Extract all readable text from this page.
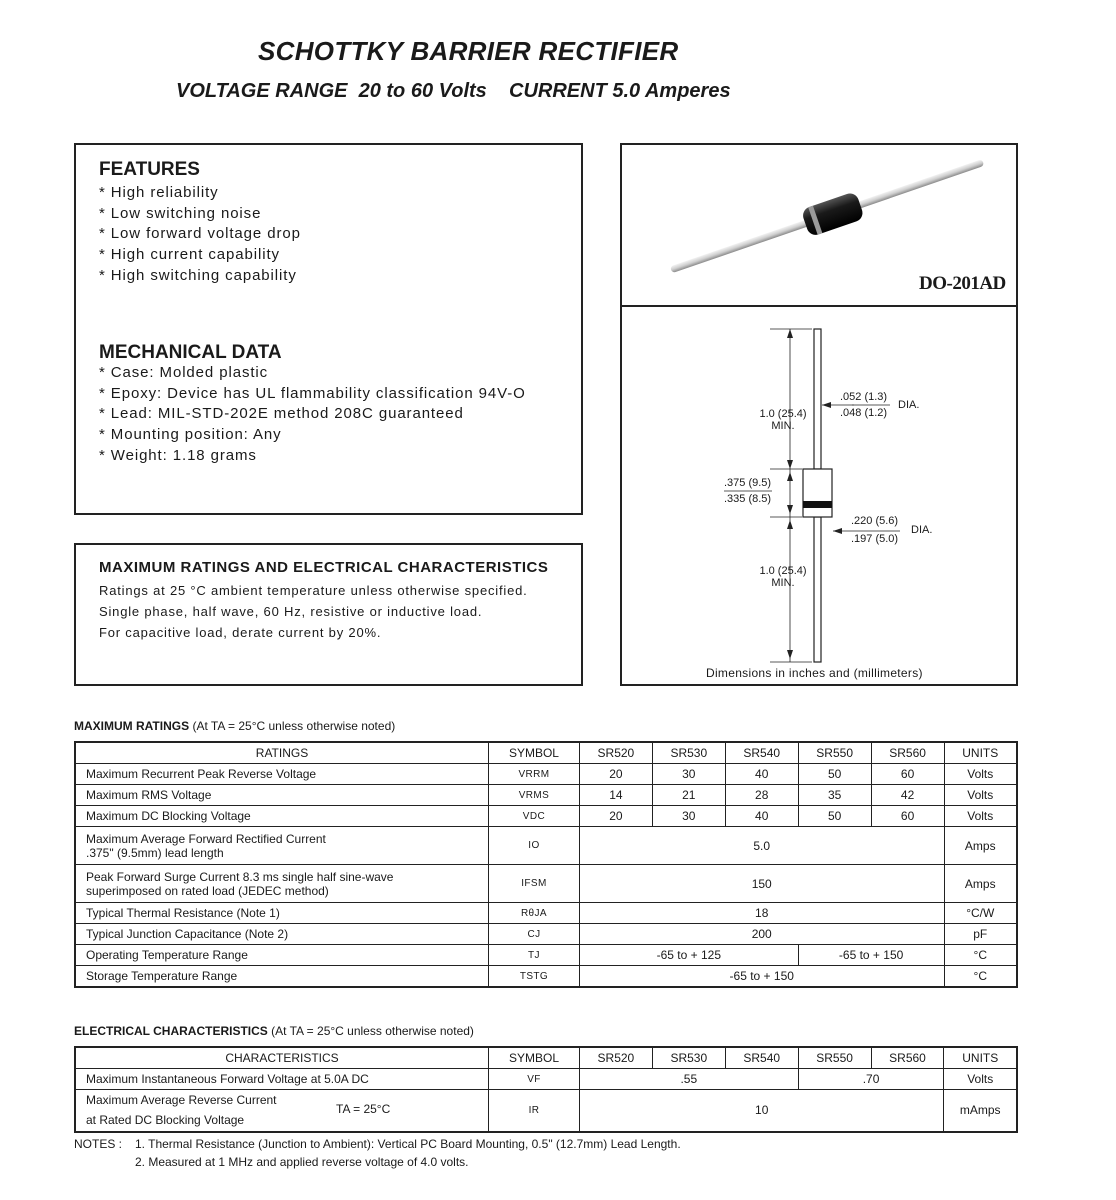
SCHOTTKY BARRIER RECTIFIER
VOLTAGE RANGE  20 to 60 Volts    CURRENT 5.0 Amperes
FEATURES
* High reliability
* Low switching noise
* Low forward voltage drop
* High current capability
* High switching capability
MECHANICAL DATA
* Case: Molded plastic
* Epoxy: Device has UL flammability classification 94V-O
* Lead: MIL-STD-202E method 208C guaranteed
* Mounting position: Any
* Weight: 1.18 grams
MAXIMUM RATINGS AND ELECTRICAL CHARACTERISTICS
Ratings at 25 °C ambient temperature unless otherwise specified.
Single phase, half wave, 60 Hz, resistive or inductive load.
For capacitive load, derate current by 20%.
DO-201AD
1.0 (25.4)
MIN.
.052 (1.3)
.048 (1.2)
DIA.
.375 (9.5)
.335 (8.5)
.220 (5.6)
.197 (5.0)
DIA.
1.0 (25.4)
MIN.
Dimensions in inches and (millimeters)
MAXIMUM RATINGS (At TA = 25°C unless otherwise noted)
RATINGS	SYMBOL	SR520	SR530	SR540	SR550	SR560	UNITS
Maximum Recurrent Peak Reverse Voltage	VRRM	20	30	40	50	60	Volts
Maximum RMS Voltage	VRMS	14	21	28	35	42	Volts
Maximum DC Blocking Voltage	VDC	20	30	40	50	60	Volts

Maximum Average Forward Rectified Current
.375" (9.5mm) lead length	IO	5.0					Amps

Peak Forward Surge Current 8.3 ms single half sine-wave
superimposed on rated load (JEDEC method)	IFSM	150					Amps
Typical Thermal Resistance (Note 1)	RθJA	18					°C/W
Typical Junction Capacitance (Note 2)	CJ	200					pF
Operating Temperature Range	TJ	-65 to + 125			-65 to + 150		°C
Storage Temperature Range	TSTG	-65 to + 150					°C
ELECTRICAL CHARACTERISTICS (At TA = 25°C unless otherwise noted)
CHARACTERISTICS	SYMBOL	SR520	SR530	SR540	SR550	SR560	UNITS
Maximum Instantaneous Forward Voltage at 5.0A DC	VF	.55			.70		Volts

Maximum Average Reverse Current
at Rated DC Blocking Voltage
TA = 25°C	IR	10					mAmps
NOTES : 1. Thermal Resistance (Junction to Ambient): Vertical PC Board Mounting, 0.5" (12.7mm) Lead Length.
2. Measured at 1 MHz and applied reverse voltage of 4.0 volts.
